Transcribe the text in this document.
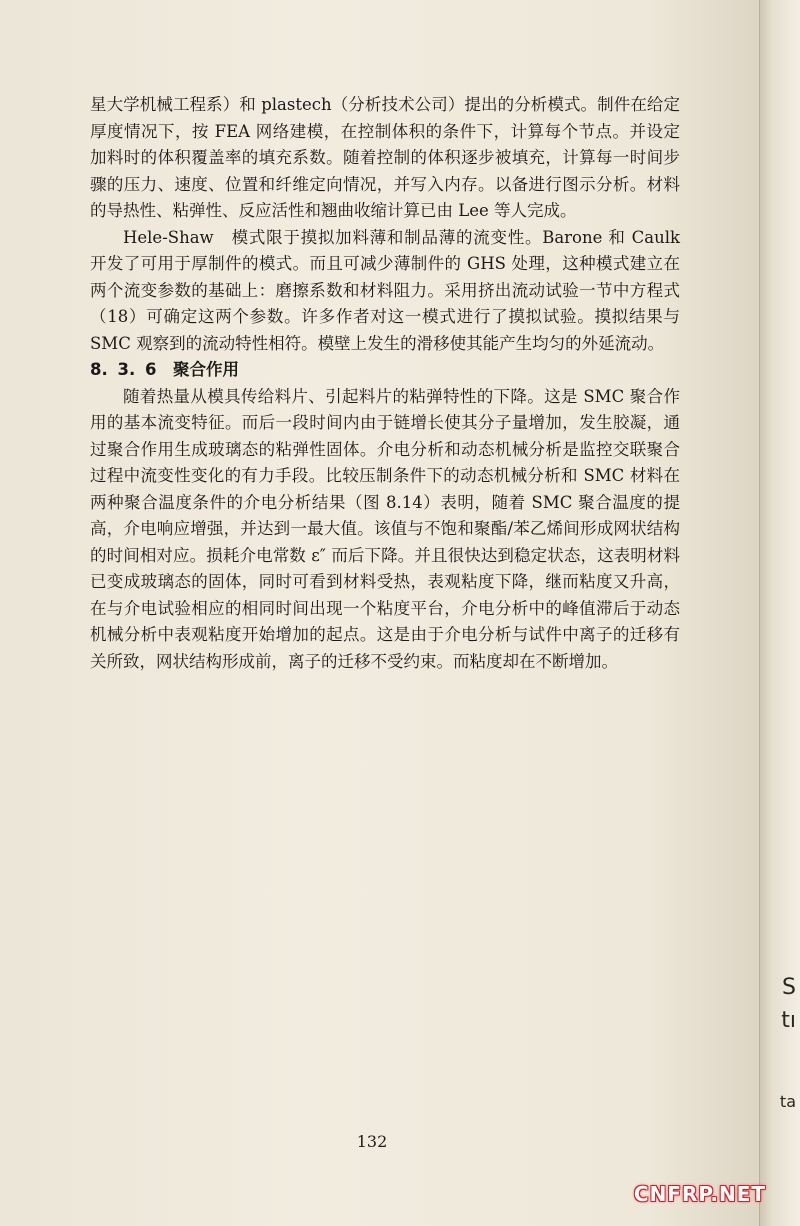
星大学机械工程系）和 plastech（分析技术公司）提出的分析模式。制件在给定厚度情况下，按 FEA 网络建模，在控制体积的条件下，计算每个节点。并设定加料时的体积覆盖率的填充系数。随着控制的体积逐步被填充，计算每一时间步骤的压力、速度、位置和纤维定向情况，并写入内存。以备进行图示分析。材料的导热性、粘弹性、反应活性和翘曲收缩计算已由 Lee 等人完成。

Hele-Shaw　模式限于摸拟加料薄和制品薄的流变性。Barone 和 Caulk 开发了可用于厚制件的模式。而且可减少薄制件的 GHS 处理，这种模式建立在两个流变参数的基础上：磨擦系数和材料阻力。采用挤出流动试验一节中方程式（18）可确定这两个参数。许多作者对这一模式进行了摸拟试验。摸拟结果与 SMC 观察到的流动特性相符。模壁上发生的滑移使其能产生均匀的外延流动。

8. 3. 6　聚合作用

随着热量从模具传给料片、引起料片的粘弹特性的下降。这是 SMC 聚合作用的基本流变特征。而后一段时间内由于链增长使其分子量增加，发生胶凝，通过聚合作用生成玻璃态的粘弹性固体。介电分析和动态机械分析是监控交联聚合过程中流变性变化的有力手段。比较压制条件下的动态机械分析和 SMC 材料在两种聚合温度条件的介电分析结果（图 8.14）表明，随着 SMC 聚合温度的提高，介电响应增强，并达到一最大值。该值与不饱和聚酯/苯乙烯间形成网状结构的时间相对应。损耗介电常数 ε″ 而后下降。并且很快达到稳定状态，这表明材料已变成玻璃态的固体，同时可看到材料受热，表观粘度下降，继而粘度又升高，在与介电试验相应的相同时间出现一个粘度平台，介电分析中的峰值滞后于动态机械分析中表观粘度开始增加的起点。这是由于介电分析与试件中离子的迁移有关所致，网状结构形成前，离子的迁移不受约束。而粘度却在不断增加。

132
S
tı
ta
CNFRP.NET
